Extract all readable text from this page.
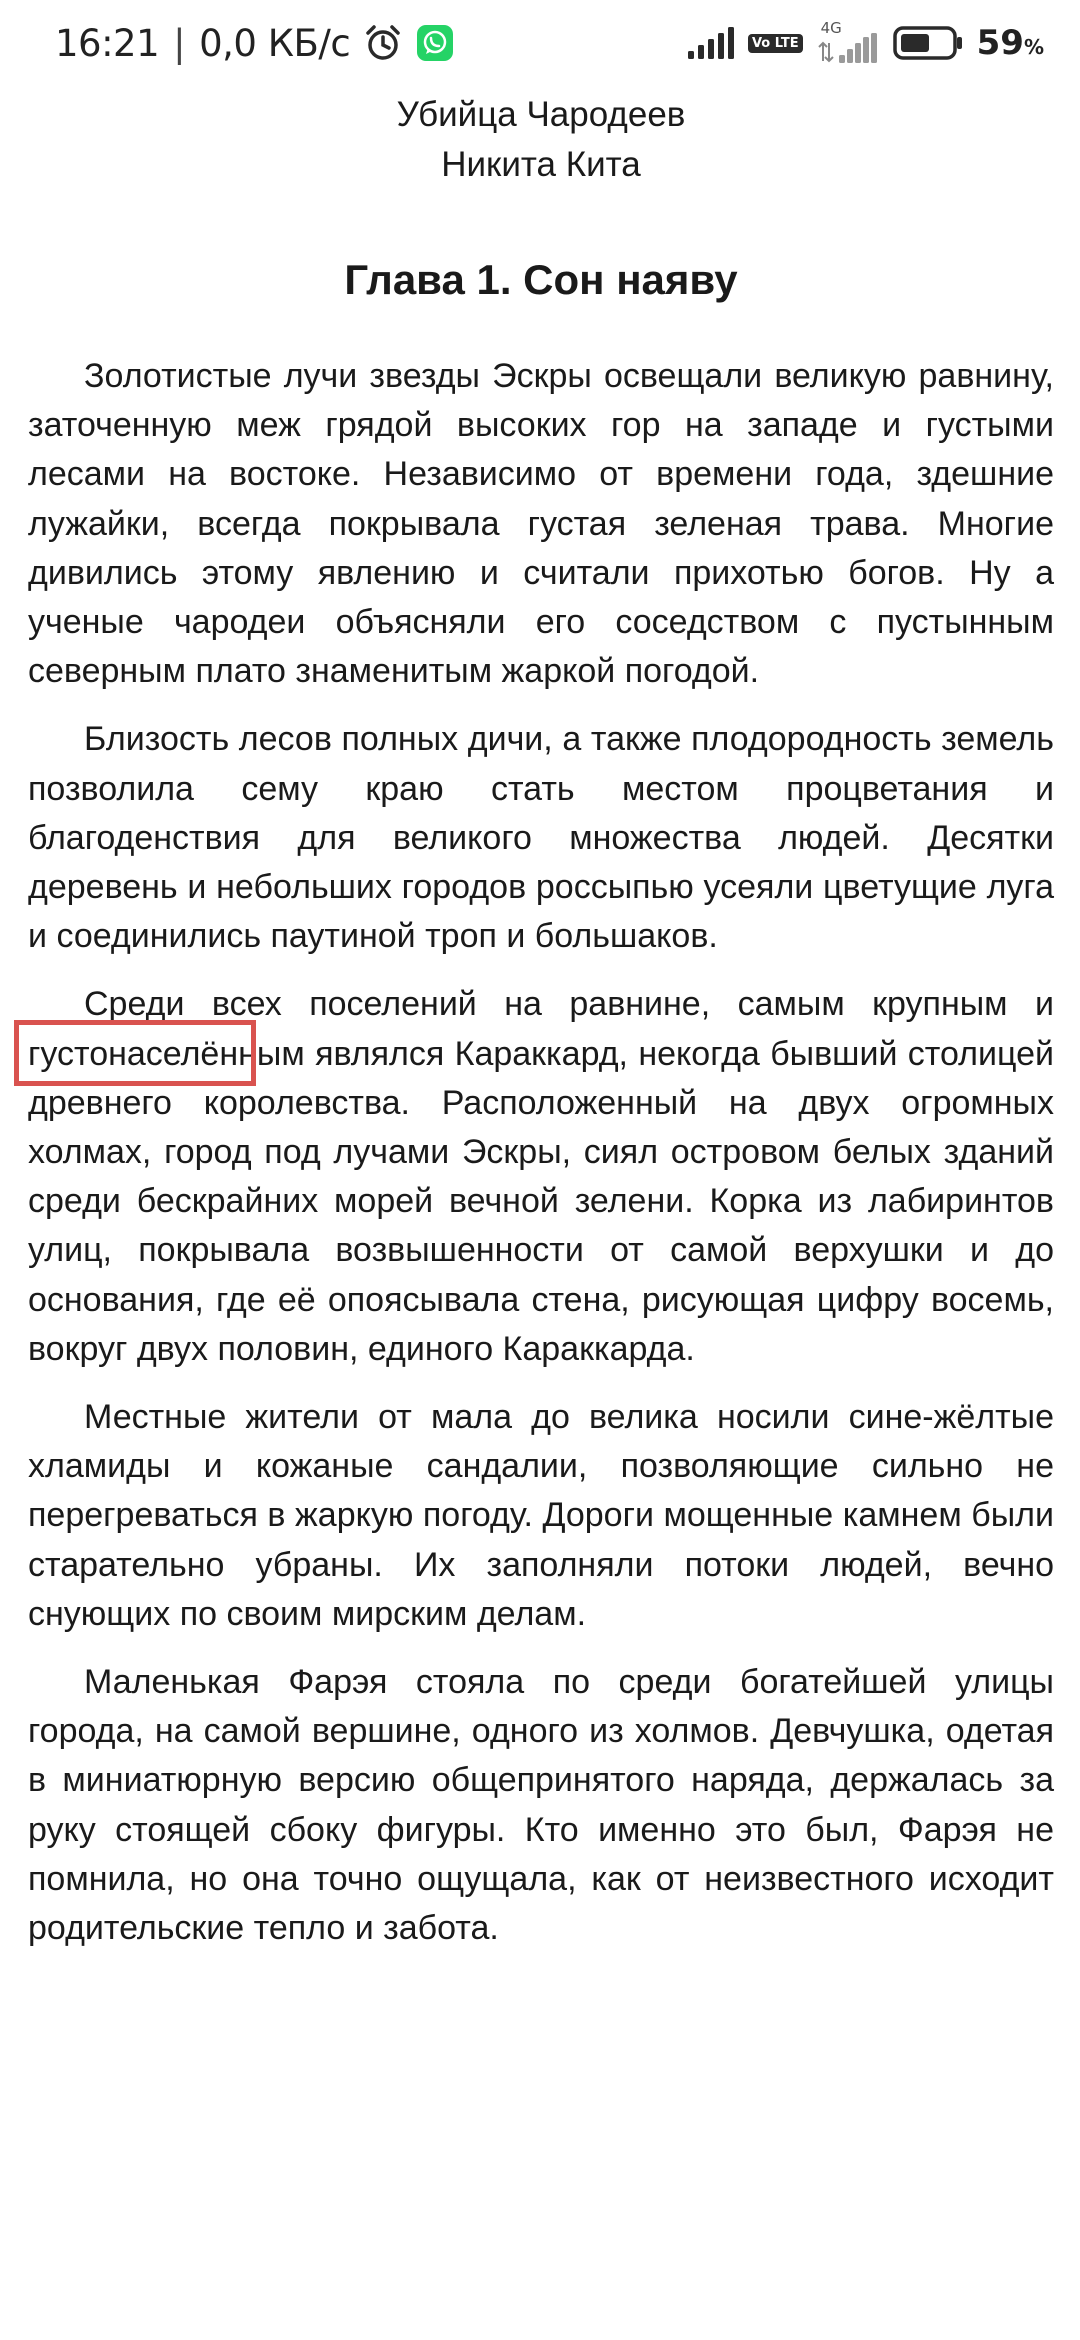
16:21 | 0,0 КБ/с	Vo LTE
4G	59%

Убийца Чародеев

Никита Кита

Глава 1. Сон наяву

Золотистые лучи звезды Эскры освещали великую равнину, заточенную меж грядой высоких гор на западе и густыми лесами на востоке. Независимо от времени года, здешние лужайки, всегда покрывала густая зеленая трава. Многие дивились этому явлению и считали прихотью богов. Ну а ученые чародеи объясняли его соседством с пустынным северным плато знаменитым жаркой погодой.

Близость лесов полных дичи, а также плодородность земель позволила сему краю стать местом процветания и благоденствия для великого множества людей. Десятки деревень и небольших городов россыпью усеяли цветущие луга и соединились паутиной троп и большаков.

Среди всех поселений на равнине, самым крупным и густонаселённым являлся Караккард, некогда бывший столицей древнего королевства. Расположенный на двух огромных холмах, город под лучами Эскры, сиял островом белых зданий среди бескрайних морей вечной зелени. Корка из лабиринтов улиц, покрывала возвышенности от самой верхушки и до основания, где её опоясывала стена, рисующая цифру восемь, вокруг двух половин, единого Караккарда.

Местные жители от мала до велика носили сине-жёлтые хламиды и кожаные сандалии, позволяющие сильно не перегреваться в жаркую погоду. Дороги мощенные камнем были старательно убраны. Их заполняли потоки людей, вечно снующих по своим мирским делам.

Маленькая Фарэя стояла по среди богатейшей улицы города, на самой вершине, одного из холмов. Девчушка, одетая в миниатюрную версию общепринятого наряда, держалась за руку стоящей сбоку фигуры. Кто именно это был, Фарэя не помнила, но она точно ощущала, как от неизвестного исходит родительские тепло и забота.
